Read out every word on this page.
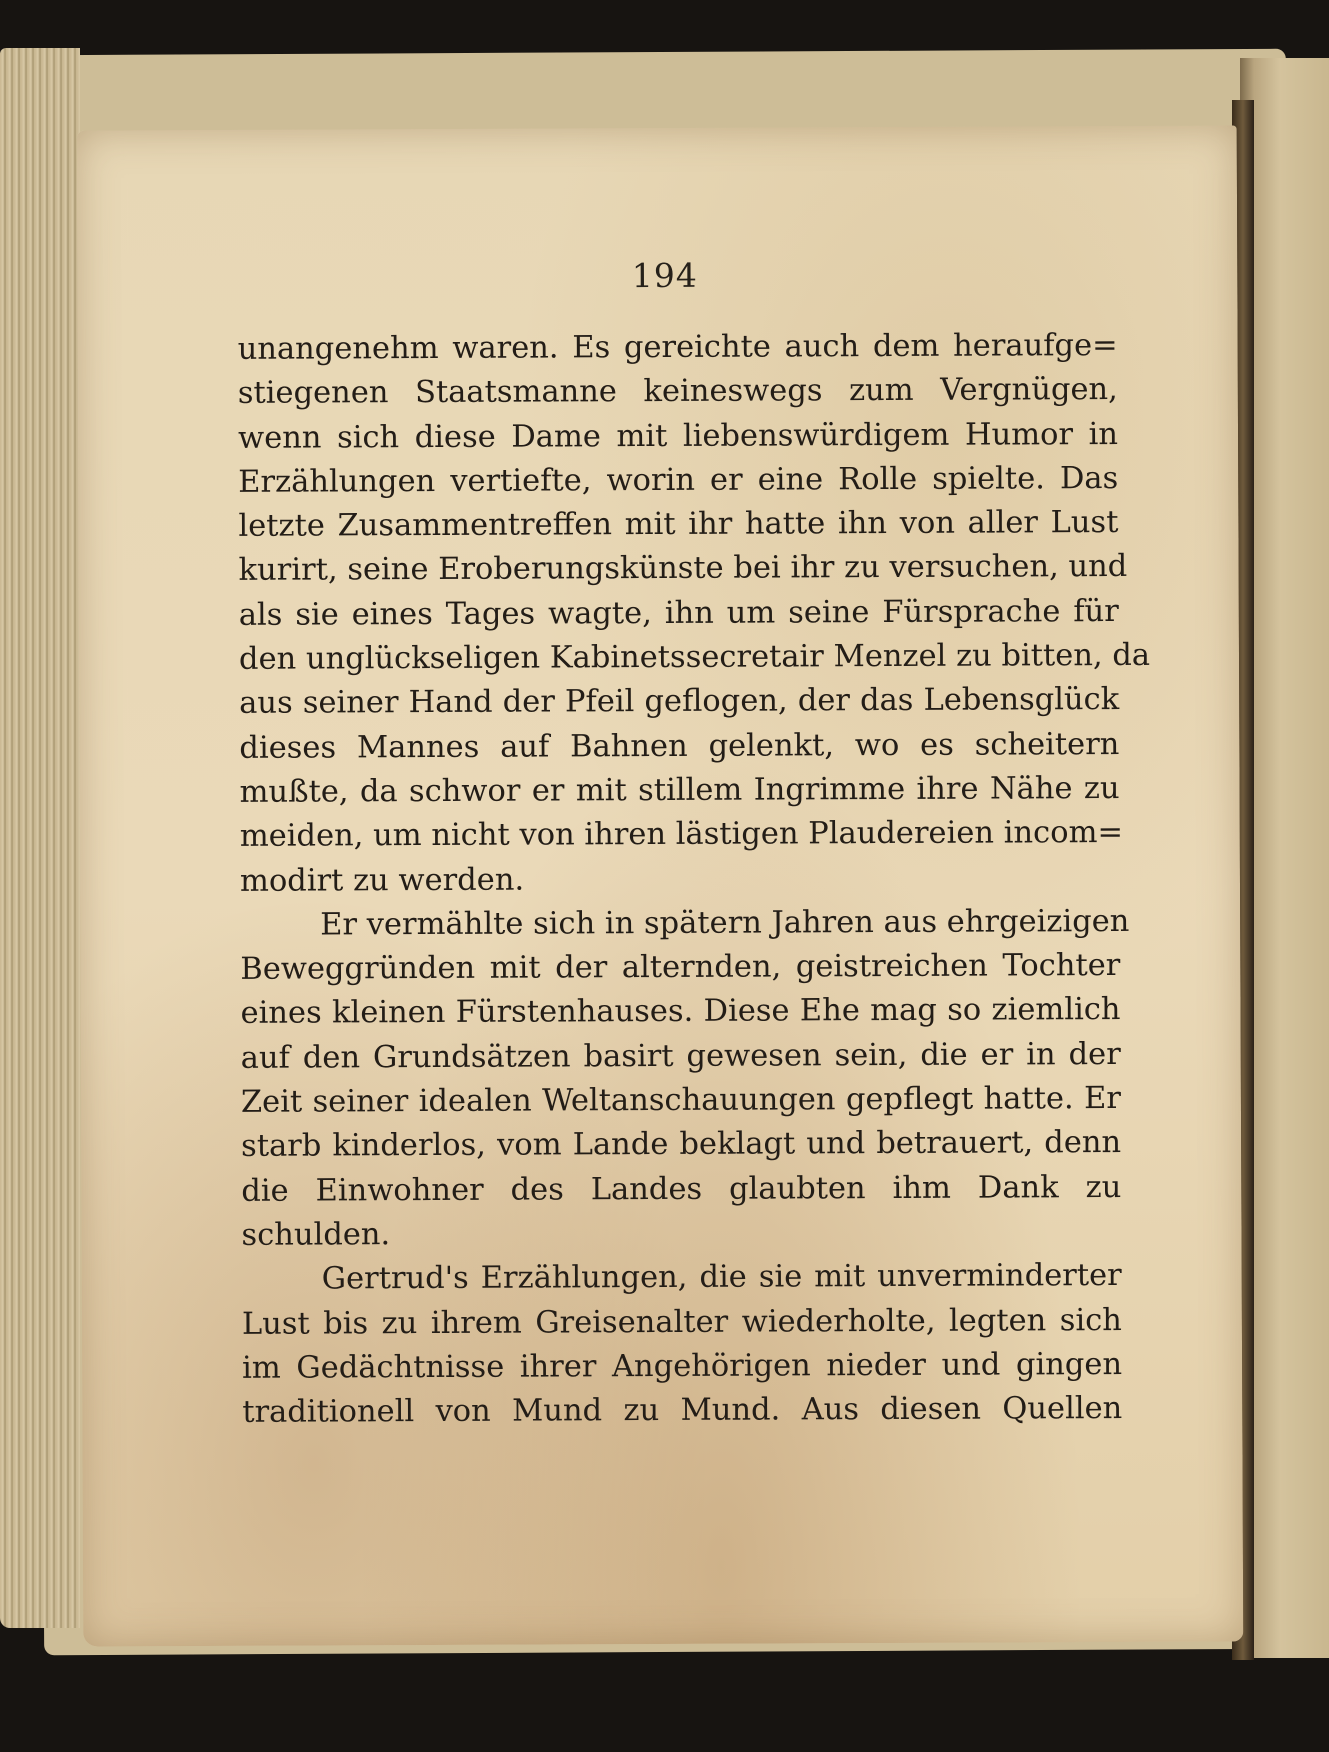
194
unangenehm waren. Es gereichte auch dem heraufge=
stiegenen Staatsmanne keineswegs zum Vergnügen,
wenn sich diese Dame mit liebenswürdigem Humor in
Erzählungen vertiefte, worin er eine Rolle spielte. Das
letzte Zusammentreffen mit ihr hatte ihn von aller Lust
kurirt, seine Eroberungskünste bei ihr zu versuchen, und
als sie eines Tages wagte, ihn um seine Fürsprache für
den unglückseligen Kabinetssecretair Menzel zu bitten, da
aus seiner Hand der Pfeil geflogen, der das Lebensglück
dieses Mannes auf Bahnen gelenkt, wo es scheitern
mußte, da schwor er mit stillem Ingrimme ihre Nähe zu
meiden, um nicht von ihren lästigen Plaudereien incom=
modirt zu werden.
Er vermählte sich in spätern Jahren aus ehrgeizigen
Beweggründen mit der alternden, geistreichen Tochter
eines kleinen Fürstenhauses. Diese Ehe mag so ziemlich
auf den Grundsätzen basirt gewesen sein, die er in der
Zeit seiner idealen Weltanschauungen gepflegt hatte. Er
starb kinderlos, vom Lande beklagt und betrauert, denn
die Einwohner des Landes glaubten ihm Dank zu
schulden.
Gertrud's Erzählungen, die sie mit unverminderter
Lust bis zu ihrem Greisenalter wiederholte, legten sich
im Gedächtnisse ihrer Angehörigen nieder und gingen
traditionell von Mund zu Mund. Aus diesen Quellen
